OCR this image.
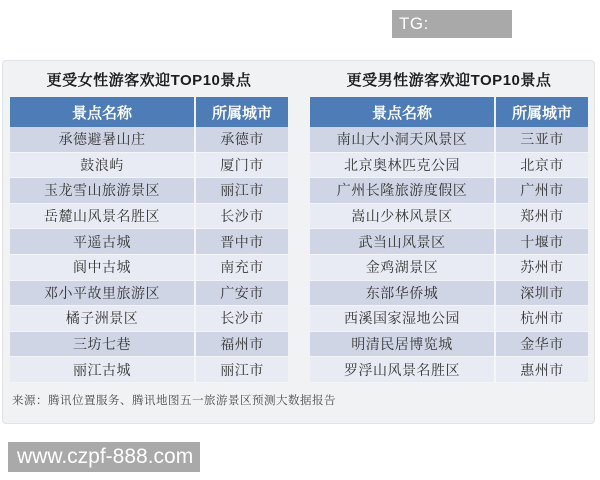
TG: MYYJJPP
更受女性游客欢迎TOP10景点
景点名称	所属城市
承德避暑山庄	承德市
鼓浪屿	厦门市
玉龙雪山旅游景区	丽江市
岳麓山风景名胜区	长沙市
平遥古城	晋中市
阆中古城	南充市
邓小平故里旅游区	广安市
橘子洲景区	长沙市
三坊七巷	福州市
丽江古城	丽江市
更受男性游客欢迎TOP10景点
景点名称	所属城市
南山大小洞天风景区	三亚市
北京奥林匹克公园	北京市
广州长隆旅游度假区	广州市
嵩山少林风景区	郑州市
武当山风景区	十堰市
金鸡湖景区	苏州市
东部华侨城	深圳市
西溪国家湿地公园	杭州市
明清民居博览城	金华市
罗浮山风景名胜区	惠州市
来源：腾讯位置服务、腾讯地图五一旅游景区预测大数据报告
www.czpf-888.com
